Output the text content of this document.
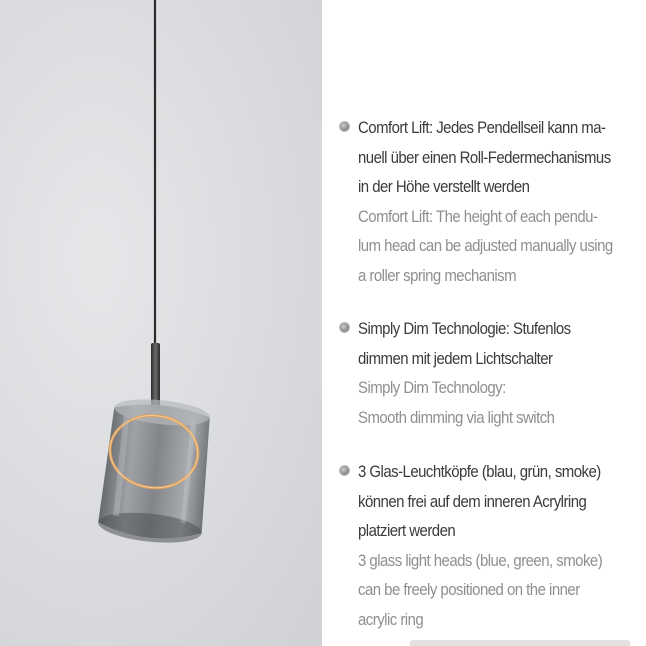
Comfort Lift: Jedes Pendellseil kann ma-
nuell über einen Roll-Federmechanismus
in der Höhe verstellt werden
Comfort Lift: The height of each pendu-
lum head can be adjusted manually using
a roller spring mechanism
Simply Dim Technologie: Stufenlos
dimmen mit jedem Lichtschalter
Simply Dim Technology:
Smooth dimming via light switch
3 Glas-Leuchtköpfe (blau, grün, smoke)
können frei auf dem inneren Acrylring
platziert werden
3 glass light heads (blue, green, smoke)
can be freely positioned on the inner
acrylic ring
